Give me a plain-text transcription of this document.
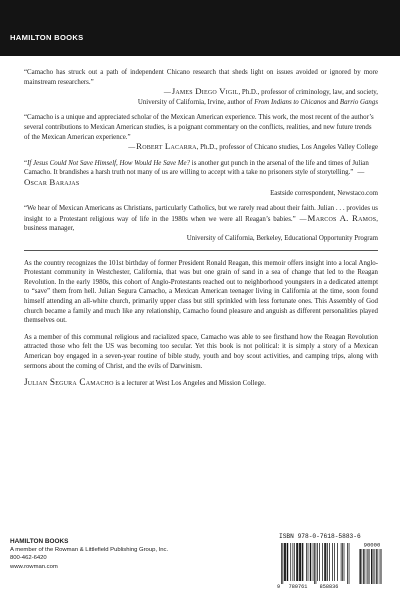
HAMILTON BOOKS
“Camacho has struck out a path of independent Chicano research that sheds light on issues avoided or ignored by more mainstream researchers.”
—James Diego Vigil, Ph.D., professor of criminology, law, and society,
University of California, Irvine, author of From Indians to Chicanos and Barrio Gangs
“Camacho is a unique and appreciated scholar of the Mexican American experience. This work, the most recent of the author’s several contributions to Mexican American studies, is a poignant commentary on the conflicts, realities, and new future trends of the Mexican American experience.”
—Robert Lacarra, Ph.D., professor of Chicano studies, Los Angeles Valley College
“If Jesus Could Not Save Himself, How Would He Save Me? is another gut punch in the arsenal of the life and times of Julian Camacho. It brandishes a harsh truth not many of us are willing to accept with a take no prisoners style of storytelling.” —Oscar Barajas
Eastside correspondent, Newstaco.com
“We hear of Mexican Americans as Christians, particularly Catholics, but we rarely read about their faith. Julian . . . provides us insight to a Protestant religious way of life in the 1980s when we were all Reagan’s babies.” —Marcos A. Ramos, business manager,
University of California, Berkeley, Educational Opportunity Program

As the country recognizes the 101st birthday of former President Ronald Reagan, this memoir offers insight into a local Anglo-Protestant community in Westchester, California, that was but one grain of sand in a sea of change that led to the Reagan Revolution. In the early 1980s, this cohort of Anglo-Protestants reached out to neighborhood youngsters in a dedicated attempt to “save” them from hell. Julian Segura Camacho, a Mexican American teenager living in California at the time, soon found himself attending an all-white church, primarily upper class but still sprinkled with less fortunate ones. This Assembly of God church became a family and much like any relationship, Camacho found pleasure and anguish as different personalities played themselves out.

As a member of this communal religious and racialized space, Camacho was able to see firsthand how the Reagan Revolution attracted those who felt the US was becoming too secular. Yet this book is not political: it is simply a story of a Mexican American boy engaged in a seven-year routine of bible study, youth and boy scout activities, and camping trips, along with sermons about the coming of Christ, and the evils of Darwinism.

Julian Segura Camacho is a lecturer at West Los Angeles and Mission College.

HAMILTON BOOKS
A member of the Rowman & Littlefield Publishing Group, Inc.
800-462-6420
www.rowman.com
ISBN 978-0-7618-5883-6
90000
9 780761 858836
